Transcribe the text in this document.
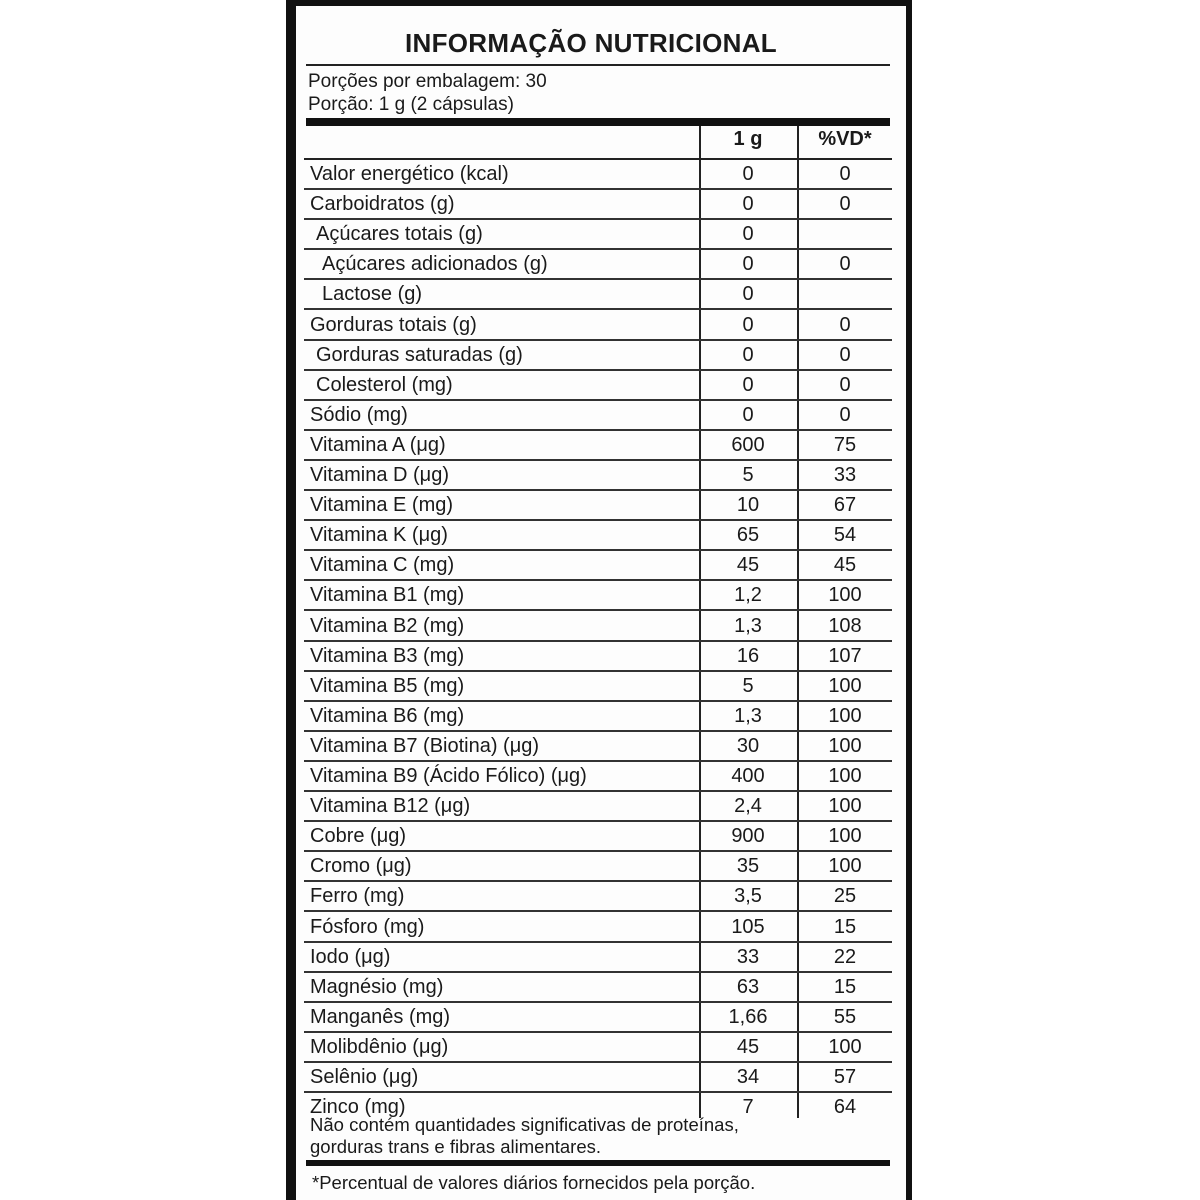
INFORMAÇÃO NUTRICIONAL
Porções por embalagem: 30
Porção: 1 g (2 cápsulas)
1 g	%VD*
Valor energético (kcal)	0	0
Carboidratos (g)	0	0
Açúcares totais (g)	0
Açúcares adicionados (g)	0	0
Lactose (g)	0
Gorduras totais (g)	0	0
Gorduras saturadas (g)	0	0
Colesterol (mg)	0	0
Sódio (mg)	0	0
Vitamina A (μg)	600	75
Vitamina D (μg)	5	33
Vitamina E (mg)	10	67
Vitamina K (μg)	65	54
Vitamina C (mg)	45	45
Vitamina B1 (mg)	1,2	100
Vitamina B2 (mg)	1,3	108
Vitamina B3 (mg)	16	107
Vitamina B5 (mg)	5	100
Vitamina B6 (mg)	1,3	100
Vitamina B7 (Biotina) (μg)	30	100
Vitamina B9 (Ácido Fólico) (μg)	400	100
Vitamina B12 (μg)	2,4	100
Cobre (μg)	900	100
Cromo (μg)	35	100
Ferro (mg)	3,5	25
Fósforo (mg)	105	15
Iodo (μg)	33	22
Magnésio (mg)	63	15
Manganês (mg)	1,66	55
Molibdênio (μg)	45	100
Selênio (μg)	34	57
Zinco (mg)	7	64
Não contém quantidades significativas de proteínas,
gorduras trans e fibras alimentares.
*Percentual de valores diários fornecidos pela porção.
